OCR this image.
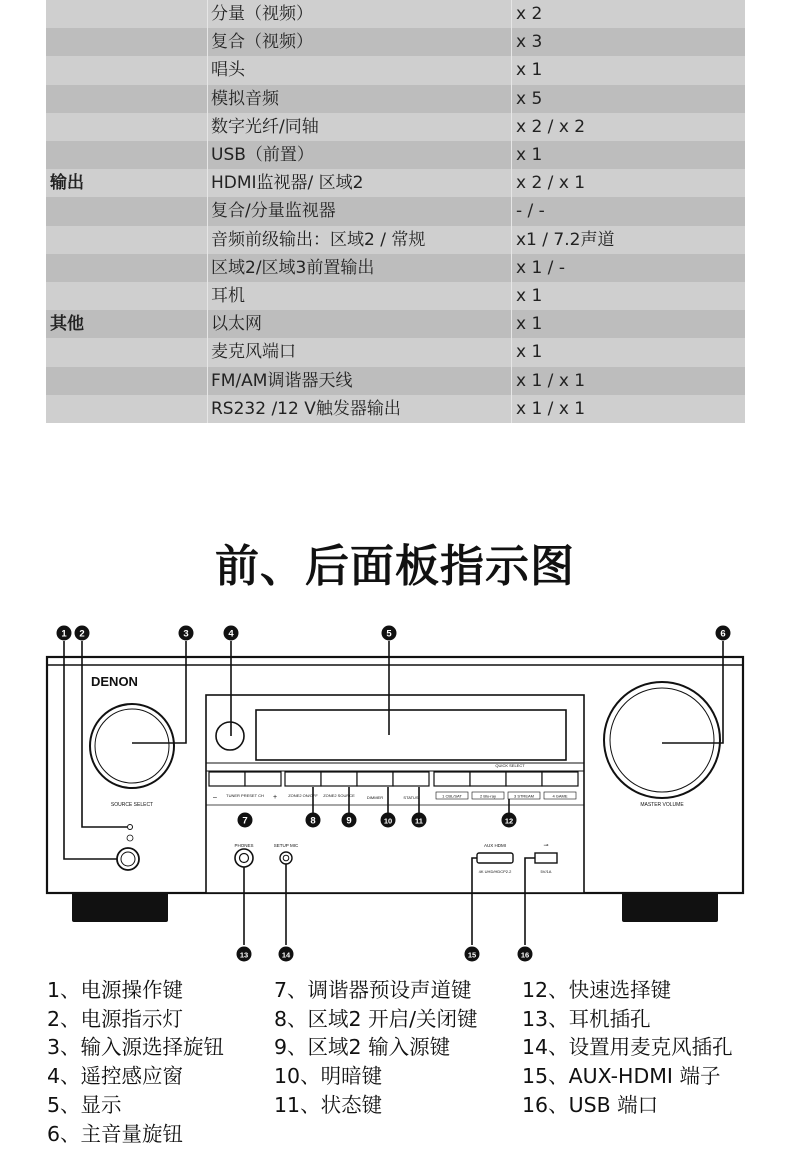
分量（视频）	x 2
复合（视频）	x 3
唱头	x 1
模拟音频	x 5
数字光纤/同轴	x 2 / x 2
USB（前置）	x 1
输出	HDMI监视器/ 区域2	x 2 / x 1
复合/分量监视器	- / -
音频前级输出：区域2 / 常规	x1 / 7.2声道
区域2/区域3前置输出	x 1 / -
耳机	x 1
其他	以太网	x 1
麦克风端口	x 1
FM/AM调谐器天线	x 1 / x 1
RS232 /12 V触发器输出	x 1 / x 1
前、后面板指示图
DENON
SOURCE SELECT	MASTER VOLUME
QUICK SELECT
TUNER PRESET CH
–	+	ZONE2 ON/OFF ZONE2 SOURCE	DIMMER	STATUS	1 CBL/SAT	2 Blu-ray	3 STREAM	4 GAME
PHONES	SETUP MIC	AUX HDMI
4K UHD/HDCP2.2
⊸
5V/1A
1 2	3	4	5	6
7	8	9	10	11	12
13	14	15	16
1、电源操作键
2、电源指示灯
3、输入源选择旋钮
4、遥控感应窗
5、显示
6、主音量旋钮
7、调谐器预设声道键
8、区域2 开启/关闭键
9、区域2 输入源键
10、明暗键
11、状态键
12、快速选择键
13、耳机插孔
14、设置用麦克风插孔
15、AUX-HDMI 端子
16、USB 端口
